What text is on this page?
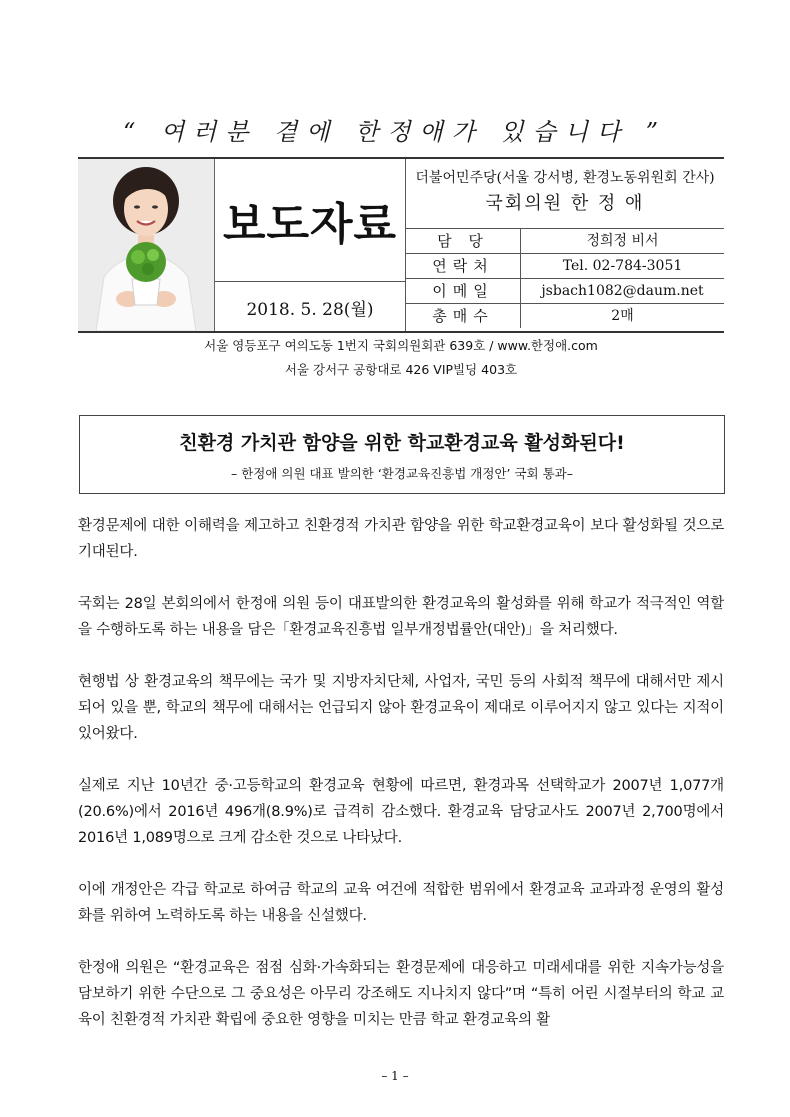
“ 여러분 곁에 한정애가 있습니다 ”
보도자료
2018. 5. 28(월)
더불어민주당(서울 강서병, 환경노동위원회 간사)
국회의원 한 정 애
담 당	정희정 비서
연락처	Tel. 02-784-3051
이메일	jsbach1082@daum.net
총매수	2매
서울 영등포구 여의도동 1번지 국회의원회관 639호 / www.한정애.com
서울 강서구 공항대로 426 VIP빌딩 403호
친환경 가치관 함양을 위한 학교환경교육 활성화된다!
– 한정애 의원 대표 발의한 ‘환경교육진흥법 개정안’ 국회 통과–

환경문제에 대한 이해력을 제고하고 친환경적 가치관 함양을 위한 학교환경교육이 보다 활성화될 것으로 기대된다.

국회는 28일 본회의에서 한정애 의원 등이 대표발의한 환경교육의 활성화를 위해 학교가 적극적인 역할을 수행하도록 하는 내용을 담은「환경교육진흥법 일부개정법률안(대안)」을 처리했다.

현행법 상 환경교육의 책무에는 국가 및 지방자치단체, 사업자, 국민 등의 사회적 책무에 대해서만 제시되어 있을 뿐, 학교의 책무에 대해서는 언급되지 않아 환경교육이 제대로 이루어지지 않고 있다는 지적이 있어왔다.

실제로 지난 10년간 중·고등학교의 환경교육 현황에 따르면, 환경과목 선택학교가 2007년 1,077개(20.6%)에서 2016년 496개(8.9%)로 급격히 감소했다. 환경교육 담당교사도 2007년 2,700명에서 2016년 1,089명으로 크게 감소한 것으로 나타났다.

이에 개정안은 각급 학교로 하여금 학교의 교육 여건에 적합한 범위에서 환경교육 교과과정 운영의 활성화를 위하여 노력하도록 하는 내용을 신설했다.

한정애 의원은 “환경교육은 점점 심화·가속화되는 환경문제에 대응하고 미래세대를 위한 지속가능성을 담보하기 위한 수단으로 그 중요성은 아무리 강조해도 지나치지 않다”며 “특히 어린 시절부터의 학교 교육이 친환경적 가치관 확립에 중요한 영향을 미치는 만큼 학교 환경교육의 활

– 1 –
